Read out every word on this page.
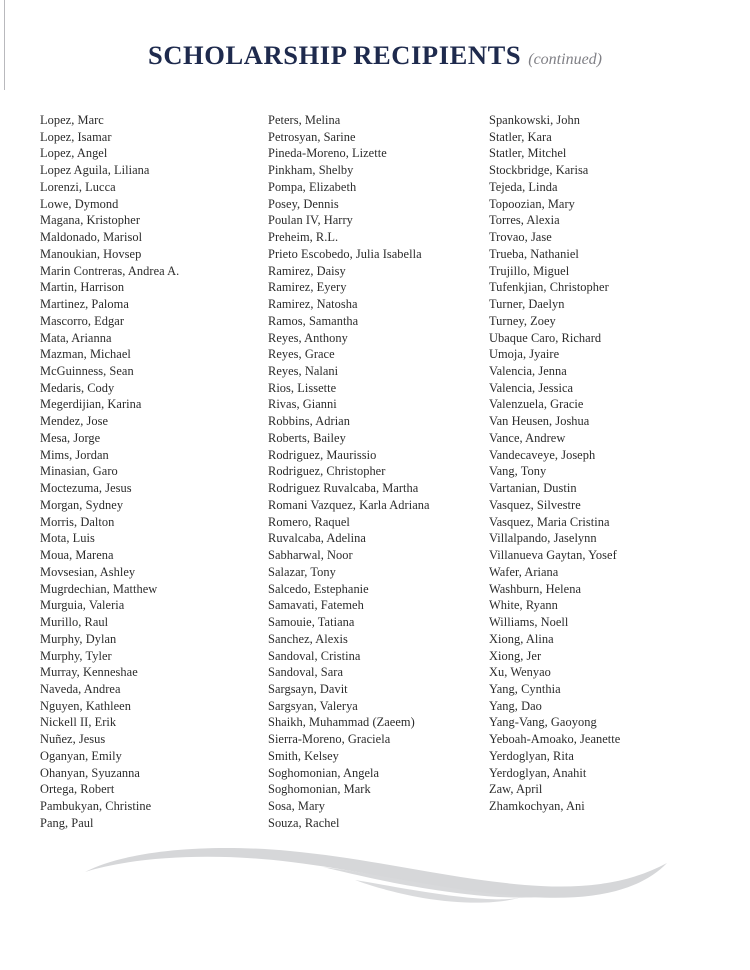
SCHOLARSHIP RECIPIENTS (continued)
Lopez, Marc
Lopez, Isamar
Lopez, Angel
Lopez Aguila, Liliana
Lorenzi, Lucca
Lowe, Dymond
Magana, Kristopher
Maldonado, Marisol
Manoukian, Hovsep
Marin Contreras, Andrea A.
Martin, Harrison
Martinez, Paloma
Mascorro, Edgar
Mata, Arianna
Mazman, Michael
McGuinness, Sean
Medaris, Cody
Megerdijian, Karina
Mendez, Jose
Mesa, Jorge
Mims, Jordan
Minasian, Garo
Moctezuma, Jesus
Morgan, Sydney
Morris, Dalton
Mota, Luis
Moua, Marena
Movsesian, Ashley
Mugrdechian, Matthew
Murguia, Valeria
Murillo, Raul
Murphy, Dylan
Murphy, Tyler
Murray, Kenneshae
Naveda, Andrea
Nguyen, Kathleen
Nickell II, Erik
Nuñez, Jesus
Oganyan, Emily
Ohanyan, Syuzanna
Ortega, Robert
Pambukyan, Christine
Pang, Paul
Peters, Melina
Petrosyan, Sarine
Pineda-Moreno, Lizette
Pinkham, Shelby
Pompa, Elizabeth
Posey, Dennis
Poulan IV, Harry
Preheim, R.L.
Prieto Escobedo, Julia Isabella
Ramirez, Daisy
Ramirez, Eyery
Ramirez, Natosha
Ramos, Samantha
Reyes, Anthony
Reyes, Grace
Reyes, Nalani
Rios, Lissette
Rivas, Gianni
Robbins, Adrian
Roberts, Bailey
Rodriguez, Maurissio
Rodriguez, Christopher
Rodriguez Ruvalcaba, Martha
Romani Vazquez, Karla Adriana
Romero, Raquel
Ruvalcaba, Adelina
Sabharwal, Noor
Salazar, Tony
Salcedo, Estephanie
Samavati, Fatemeh
Samouie, Tatiana
Sanchez, Alexis
Sandoval, Cristina
Sandoval, Sara
Sargsayn, Davit
Sargsyan, Valerya
Shaikh, Muhammad (Zaeem)
Sierra-Moreno, Graciela
Smith, Kelsey
Soghomonian, Angela
Soghomonian, Mark
Sosa, Mary
Souza, Rachel
Spankowski, John
Statler, Kara
Statler, Mitchel
Stockbridge, Karisa
Tejeda, Linda
Topoozian, Mary
Torres, Alexia
Trovao, Jase
Trueba, Nathaniel
Trujillo, Miguel
Tufenkjian, Christopher
Turner, Daelyn
Turney, Zoey
Ubaque Caro, Richard
Umoja, Jyaire
Valencia, Jenna
Valencia, Jessica
Valenzuela, Gracie
Van Heusen, Joshua
Vance, Andrew
Vandecaveye, Joseph
Vang, Tony
Vartanian, Dustin
Vasquez, Silvestre
Vasquez, Maria Cristina
Villalpando, Jaselynn
Villanueva Gaytan, Yosef
Wafer, Ariana
Washburn, Helena
White, Ryann
Williams, Noell
Xiong, Alina
Xiong, Jer
Xu, Wenyao
Yang, Cynthia
Yang, Dao
Yang-Vang, Gaoyong
Yeboah-Amoako, Jeanette
Yerdoglyan, Rita
Yerdoglyan, Anahit
Zaw, April
Zhamkochyan, Ani
